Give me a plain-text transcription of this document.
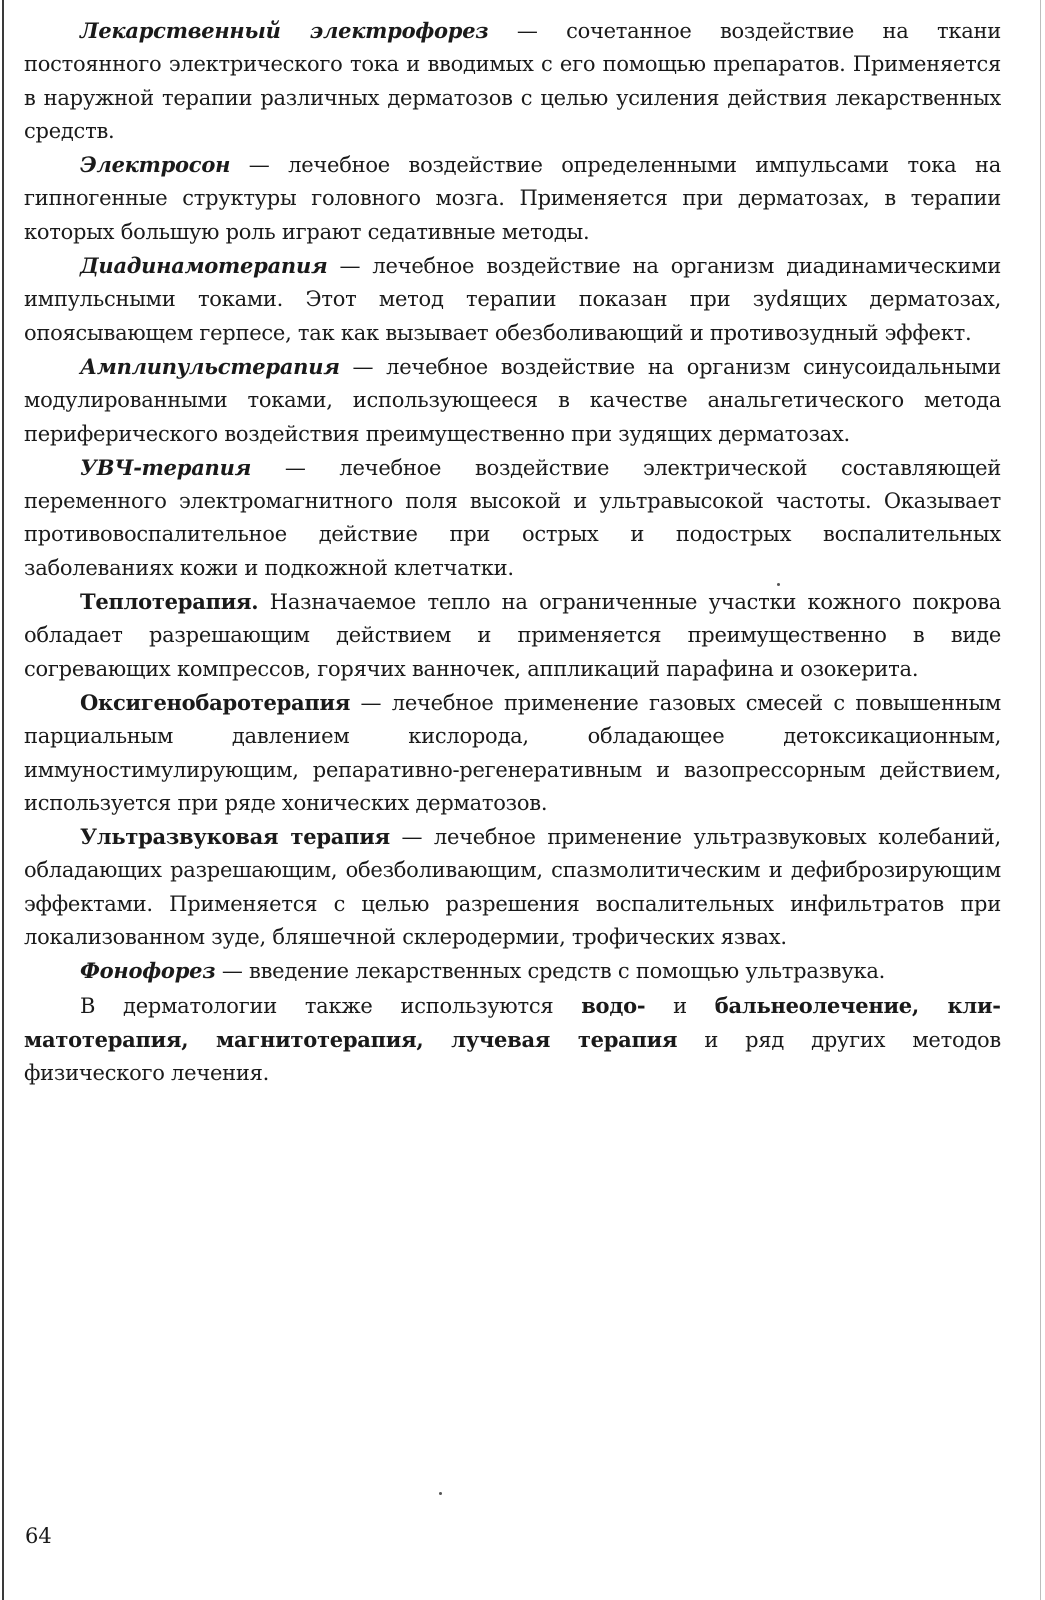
Лекарственный электрофорез — сочетанное воздействие на ткани постоянного электрического тока и вводимых с его помощью препаратов. Применяется в наружной терапии различных дерматозов с целью усиления действия лекарственных средств.

Электросон — лечебное воздействие определенными импульсами тока на гипногенные структуры головного мозга. Применяется при дерматозах, в терапии которых большую роль играют седативные методы.

Диадинамотерапия — лечебное воздействие на организм диадинамическими импульсными токами. Этот метод терапии показан при зуdящих дерматозах, опоясывающем герпесе, так как вызывает обезболивающий и противозудный эффект.

Амплипульстерапия — лечебное воздействие на организм синусоидальными модулированными токами, использующееся в качестве анальгетического метода периферического воздействия преимущественно при зудящих дерматозах.

УВЧ-терапия — лечебное воздействие электрической составляющей переменного электромагнитного поля высокой и ультравысокой частоты. Оказывает противовоспалительное действие при острых и подострых воспалительных заболеваниях кожи и подкожной клетчатки.

Теплотерапия. Назначаемое тепло на ограниченные участки кожного покрова обладает разрешающим действием и применяется преимущественно в виде согревающих компрессов, горячих ванночек, аппликаций парафина и озокерита.

Оксигенобаротерапия — лечебное применение газовых смесей с повышенным парциальным давлением кислорода, обладающее детоксикационным, иммуностимулирующим, репаративно-регенеративным и вазопрессорным действием, используется при ряде хонических дерматозов.

Ультразвуковая терапия — лечебное применение ультразвуковых колебаний, обладающих разрешающим, обезболивающим, спазмолитическим и дефиброзирующим эффектами. Применяется с целью разрешения воспалительных инфильтратов при локализованном зуде, бляшечной склеродермии, трофических язвах.

Фонофорез — введение лекарственных средств с помощью ультразвука.

В дерматологии также используются водо- и бальнеолечение, климатотерапия, магнитотерапия, лучевая терапия и ряд других методов физического лечения.

64
